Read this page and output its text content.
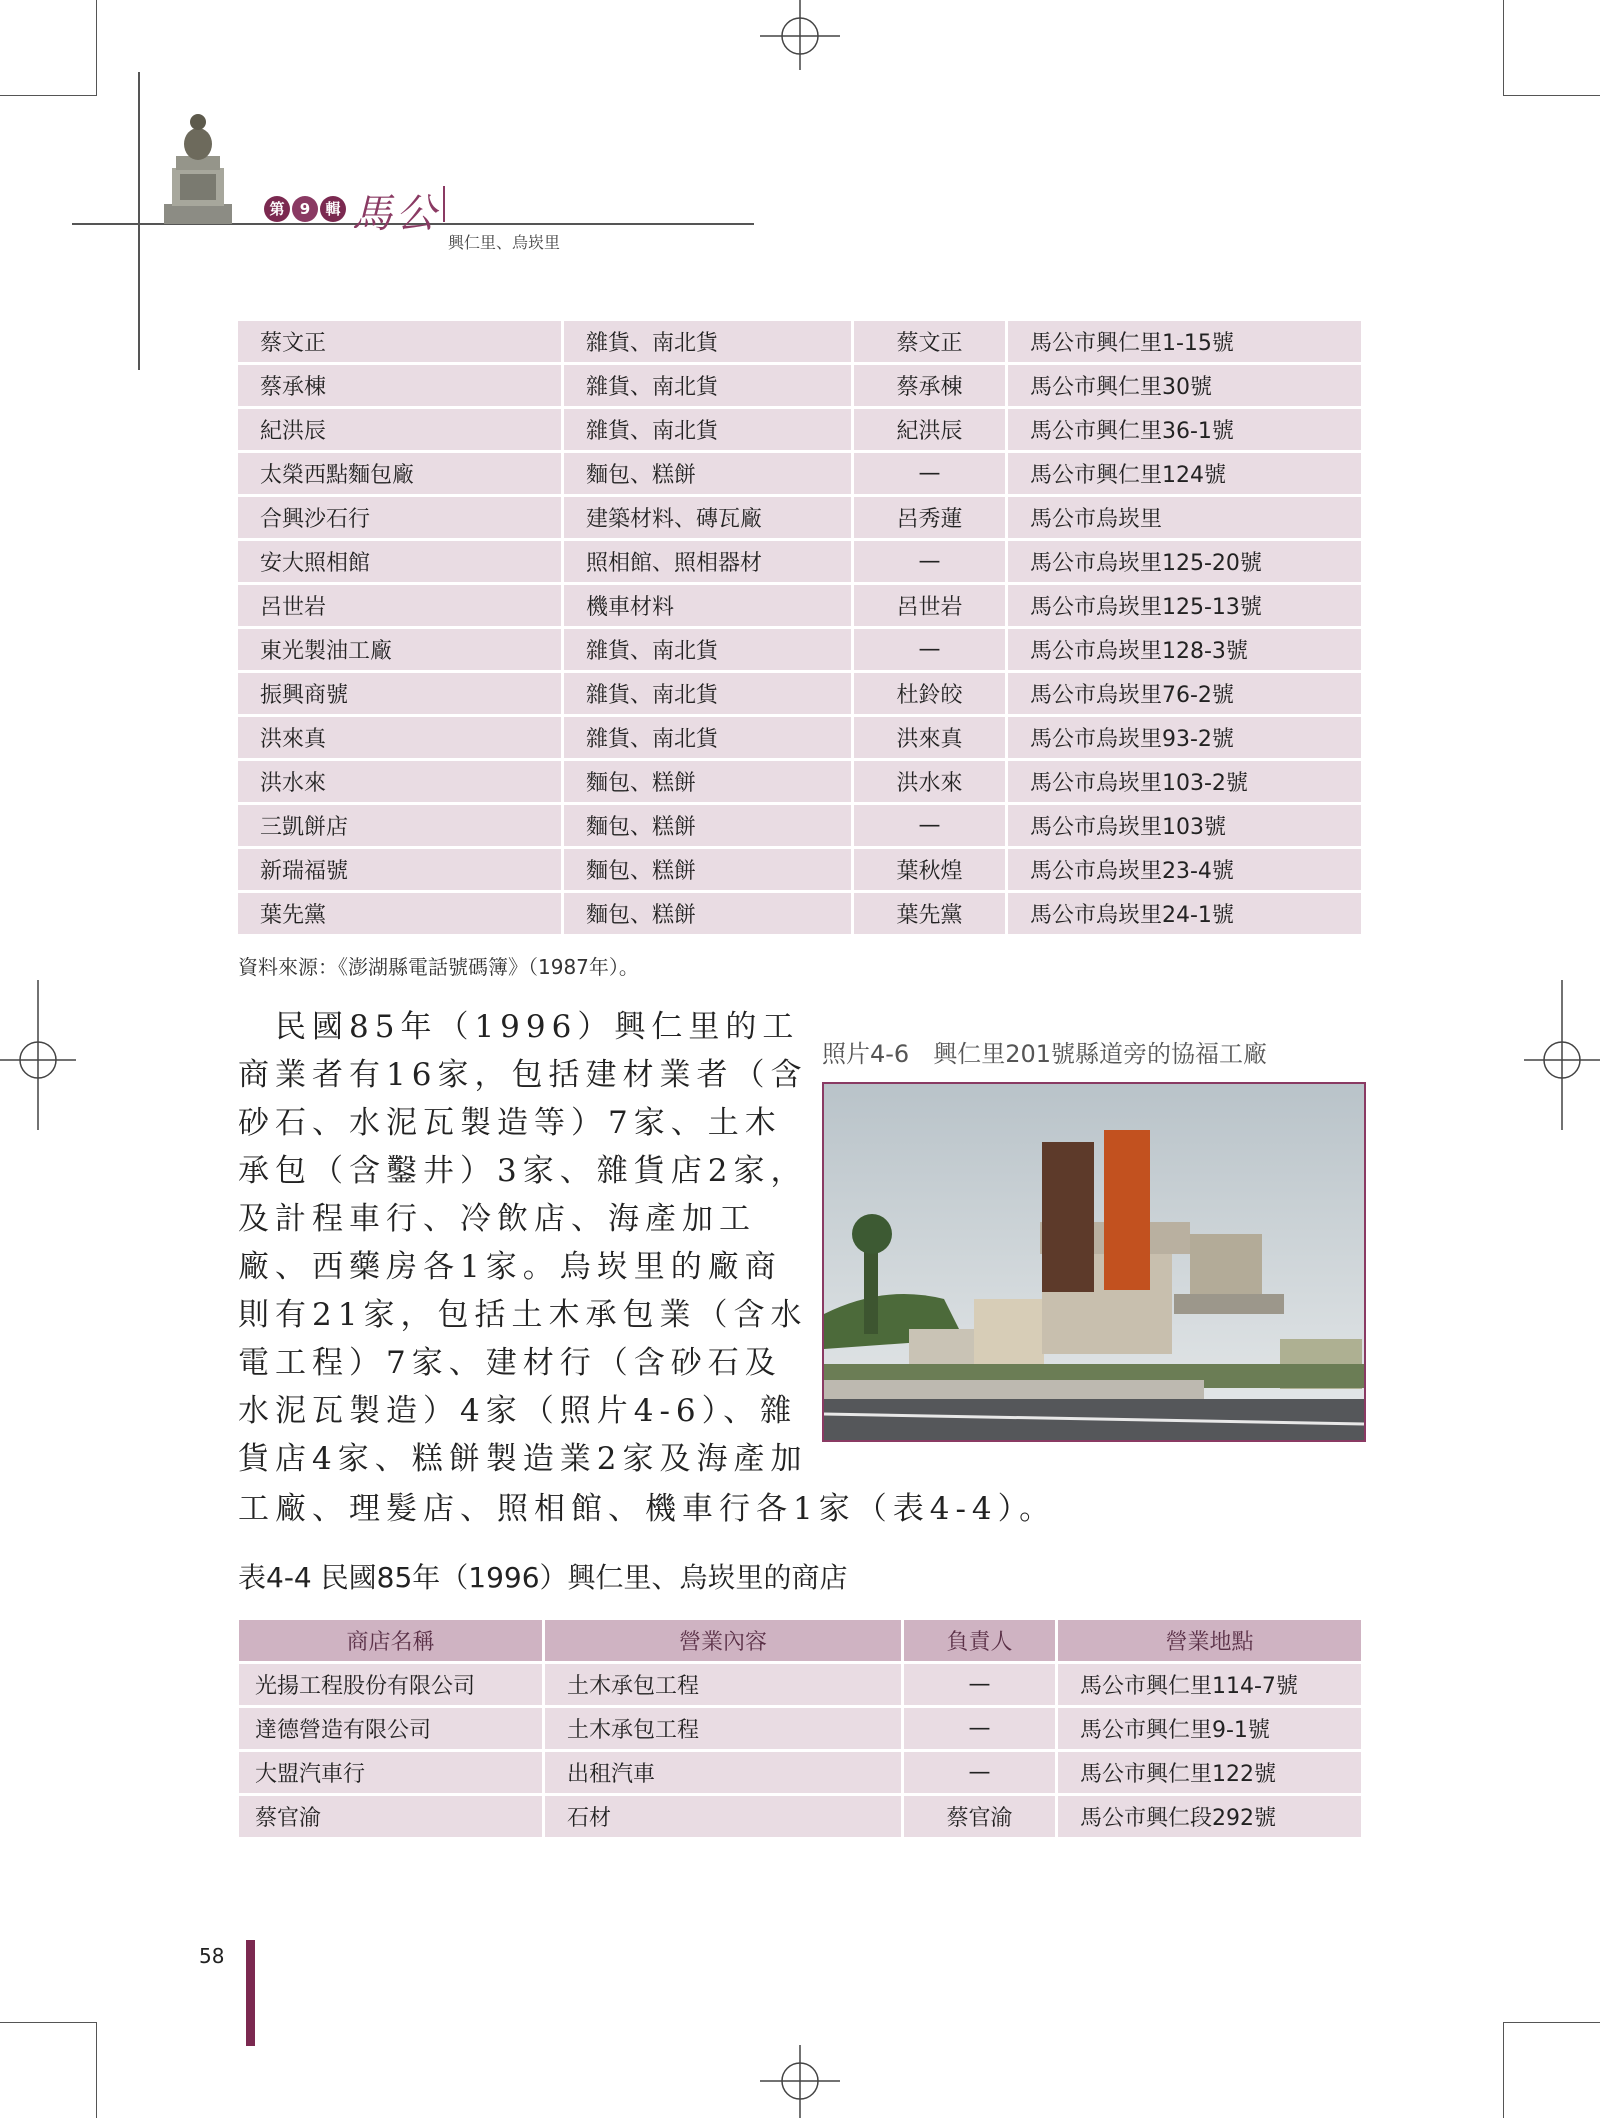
第	9	輯 馬公
興仁里、烏崁里
蔡文正	雜貨、南北貨	蔡文正	馬公市興仁里1-15號
蔡承棟	雜貨、南北貨	蔡承棟	馬公市興仁里30號
紀洪辰	雜貨、南北貨	紀洪辰	馬公市興仁里36-1號
太榮西點麵包廠	麵包、糕餅	—	馬公市興仁里124號
合興沙石行	建築材料、磚瓦廠	呂秀蓮	馬公市烏崁里
安大照相館	照相館、照相器材	—	馬公市烏崁里125-20號
呂世岩	機車材料	呂世岩	馬公市烏崁里125-13號
東光製油工廠	雜貨、南北貨	—	馬公市烏崁里128-3號
振興商號	雜貨、南北貨	杜鈴皎	馬公市烏崁里76-2號
洪來真	雜貨、南北貨	洪來真	馬公市烏崁里93-2號
洪水來	麵包、糕餅	洪水來	馬公市烏崁里103-2號
三凱餅店	麵包、糕餅	—	馬公市烏崁里103號
新瑞福號	麵包、糕餅	葉秋煌	馬公市烏崁里23-4號
葉先黨	麵包、糕餅	葉先黨	馬公市烏崁里24-1號
資料來源：《澎湖縣電話號碼簿》（1987年）。
　民國85年（1996）興仁里的工
商業者有16家，包括建材業者（含
砂石、水泥瓦製造等）7家、土木
承包（含鑿井）3家、雜貨店2家，
及計程車行、冷飲店、海產加工
廠、西藥房各1家。烏崁里的廠商
則有21家，包括土木承包業（含水
電工程）7家、建材行（含砂石及
水泥瓦製造）4家（照片4-6）、雜
貨店4家、糕餅製造業2家及海產加
工廠、理髮店、照相館、機車行各1家（表4-4）。
照片4-6　興仁里201號縣道旁的協福工廠
表4-4 民國85年（1996）興仁里、烏崁里的商店
商店名稱	營業內容	負責人	營業地點
光揚工程股份有限公司	土木承包工程	—	馬公市興仁里114-7號
達德營造有限公司	土木承包工程	—	馬公市興仁里9-1號
大盟汽車行	出租汽車	—	馬公市興仁里122號
蔡官渝	石材	蔡官渝	馬公市興仁段292號
58
